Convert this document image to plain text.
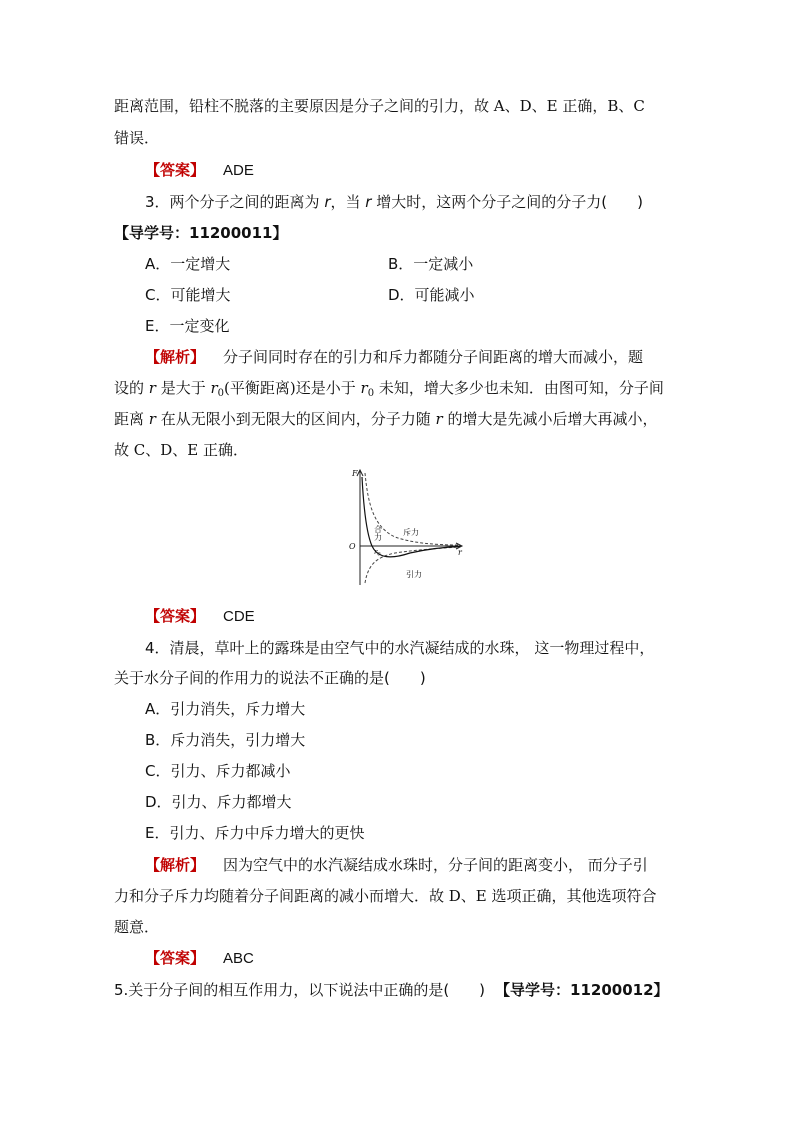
距离范围，铅柱不脱落的主要原因是分子之间的引力，故 A、D、E 正确，B、C
错误．
【答案】 ADE
3．两个分子之间的距离为 r，当 r 增大时，这两个分子之间的分子力(　　)
【导学号：11200011】
A．一定增大	B．一定减小
C．可能增大	D．可能减小
E．一定变化
【解析】 分子间同时存在的引力和斥力都随分子间距离的增大而减小，题
设的 r 是大于 $r_0$(平衡距离)还是小于 $r_0$ 未知，增大多少也未知．由图可知，分子间
距离 r 在从无限小到无限大的区间内，分子力随 r 的增大是先减小后增大再减小，
故 C、D、E 正确．
F
O
r
$r_0$
斥力
引力
合力
【答案】 CDE
4．清晨，草叶上的露珠是由空气中的水汽凝结成的水珠， 这一物理过程中，
关于水分子间的作用力的说法不正确的是(　　)
A．引力消失，斥力增大
B．斥力消失，引力增大
C．引力、斥力都减小
D．引力、斥力都增大
E．引力、斥力中斥力增大的更快
【解析】 因为空气中的水汽凝结成水珠时，分子间的距离变小， 而分子引
力和分子斥力均随着分子间距离的减小而增大．故 D、E 选项正确，其他选项符合
题意．
【答案】 ABC
5.关于分子间的相互作用力，以下说法中正确的是(　　) 【导学号：11200012】
